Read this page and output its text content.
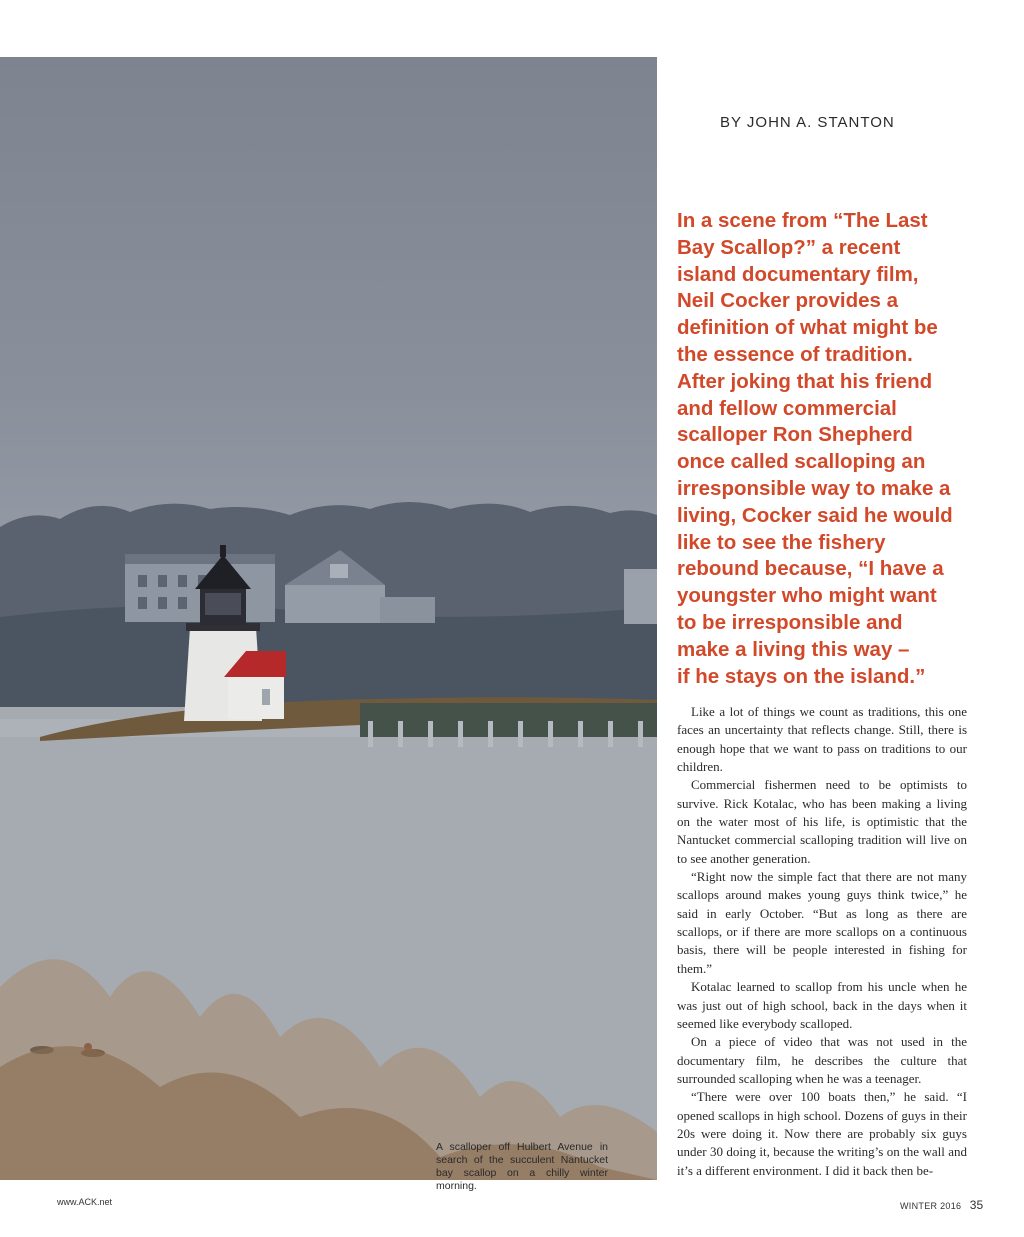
A scalloper off Hulbert Avenue in search of the succulent Nantucket bay scallop on a chilly winter morning.

BY JOHN A. STANTON

In a scene from “The Last
Bay Scallop?” a recent
island documentary film,
Neil Cocker provides a
definition of what might be
the essence of tradition.
After joking that his friend
and fellow commercial
scalloper Ron Shepherd
once called scalloping an
irresponsible way to make a
living, Cocker said he would
like to see the fishery
rebound because, “I have a
youngster who might want
to be irresponsible and
make a living this way –
if he stays on the island.”

Like a lot of things we count as traditions, this one faces an uncertainty that reflects change. Still, there is enough hope that we want to pass on traditions to our children.

Commercial fishermen need to be optimists to survive. Rick Kotalac, who has been making a living on the water most of his life, is optimistic that the Nantucket commercial scalloping tradition will live on to see another generation.

“Right now the simple fact that there are not many scallops around makes young guys think twice,” he said in early October. “But as long as there are scallops, or if there are more scallops on a continuous basis, there will be people interested in fishing for them.”

Kotalac learned to scallop from his uncle when he was just out of high school, back in the days when it seemed like everybody scalloped.

On a piece of video that was not used in the documentary film, he describes the culture that surrounded scalloping when he was a teenager.

“There were over 100 boats then,” he said. “I opened scallops in high school. Dozens of guys in their 20s were doing it. Now there are probably six guys under 30 doing it, because the writing’s on the wall and it’s a different environment. I did it back then be-

www.ACK.net	WINTER 2016 35
